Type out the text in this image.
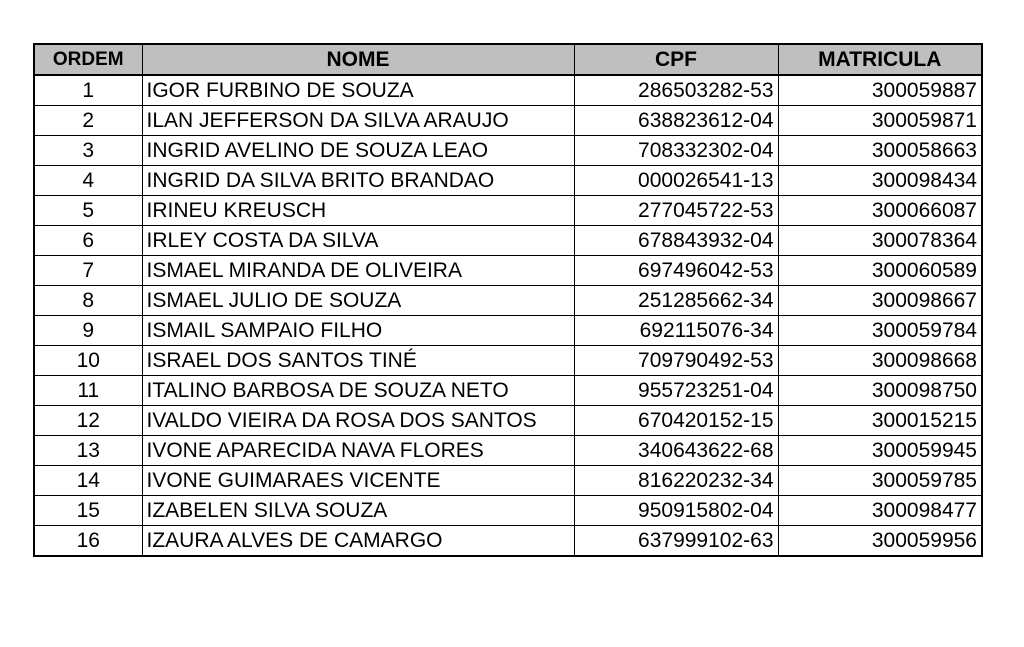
ORDEM	NOME	CPF	MATRICULA
1	IGOR FURBINO DE SOUZA	286503282-53	300059887
2	ILAN JEFFERSON DA SILVA ARAUJO	638823612-04	300059871
3	INGRID AVELINO DE SOUZA LEAO	708332302-04	300058663
4	INGRID DA SILVA BRITO BRANDAO	000026541-13	300098434
5	IRINEU KREUSCH	277045722-53	300066087
6	IRLEY COSTA DA SILVA	678843932-04	300078364
7	ISMAEL MIRANDA DE OLIVEIRA	697496042-53	300060589
8	ISMAEL JULIO DE SOUZA	251285662-34	300098667
9	ISMAIL SAMPAIO FILHO	692115076-34	300059784
10	ISRAEL DOS SANTOS TINÉ	709790492-53	300098668
11	ITALINO BARBOSA DE SOUZA NETO	955723251-04	300098750
12	IVALDO VIEIRA DA ROSA DOS SANTOS	670420152-15	300015215
13	IVONE APARECIDA NAVA FLORES	340643622-68	300059945
14	IVONE GUIMARAES VICENTE	816220232-34	300059785
15	IZABELEN SILVA SOUZA	950915802-04	300098477
16	IZAURA ALVES DE CAMARGO	637999102-63	300059956
